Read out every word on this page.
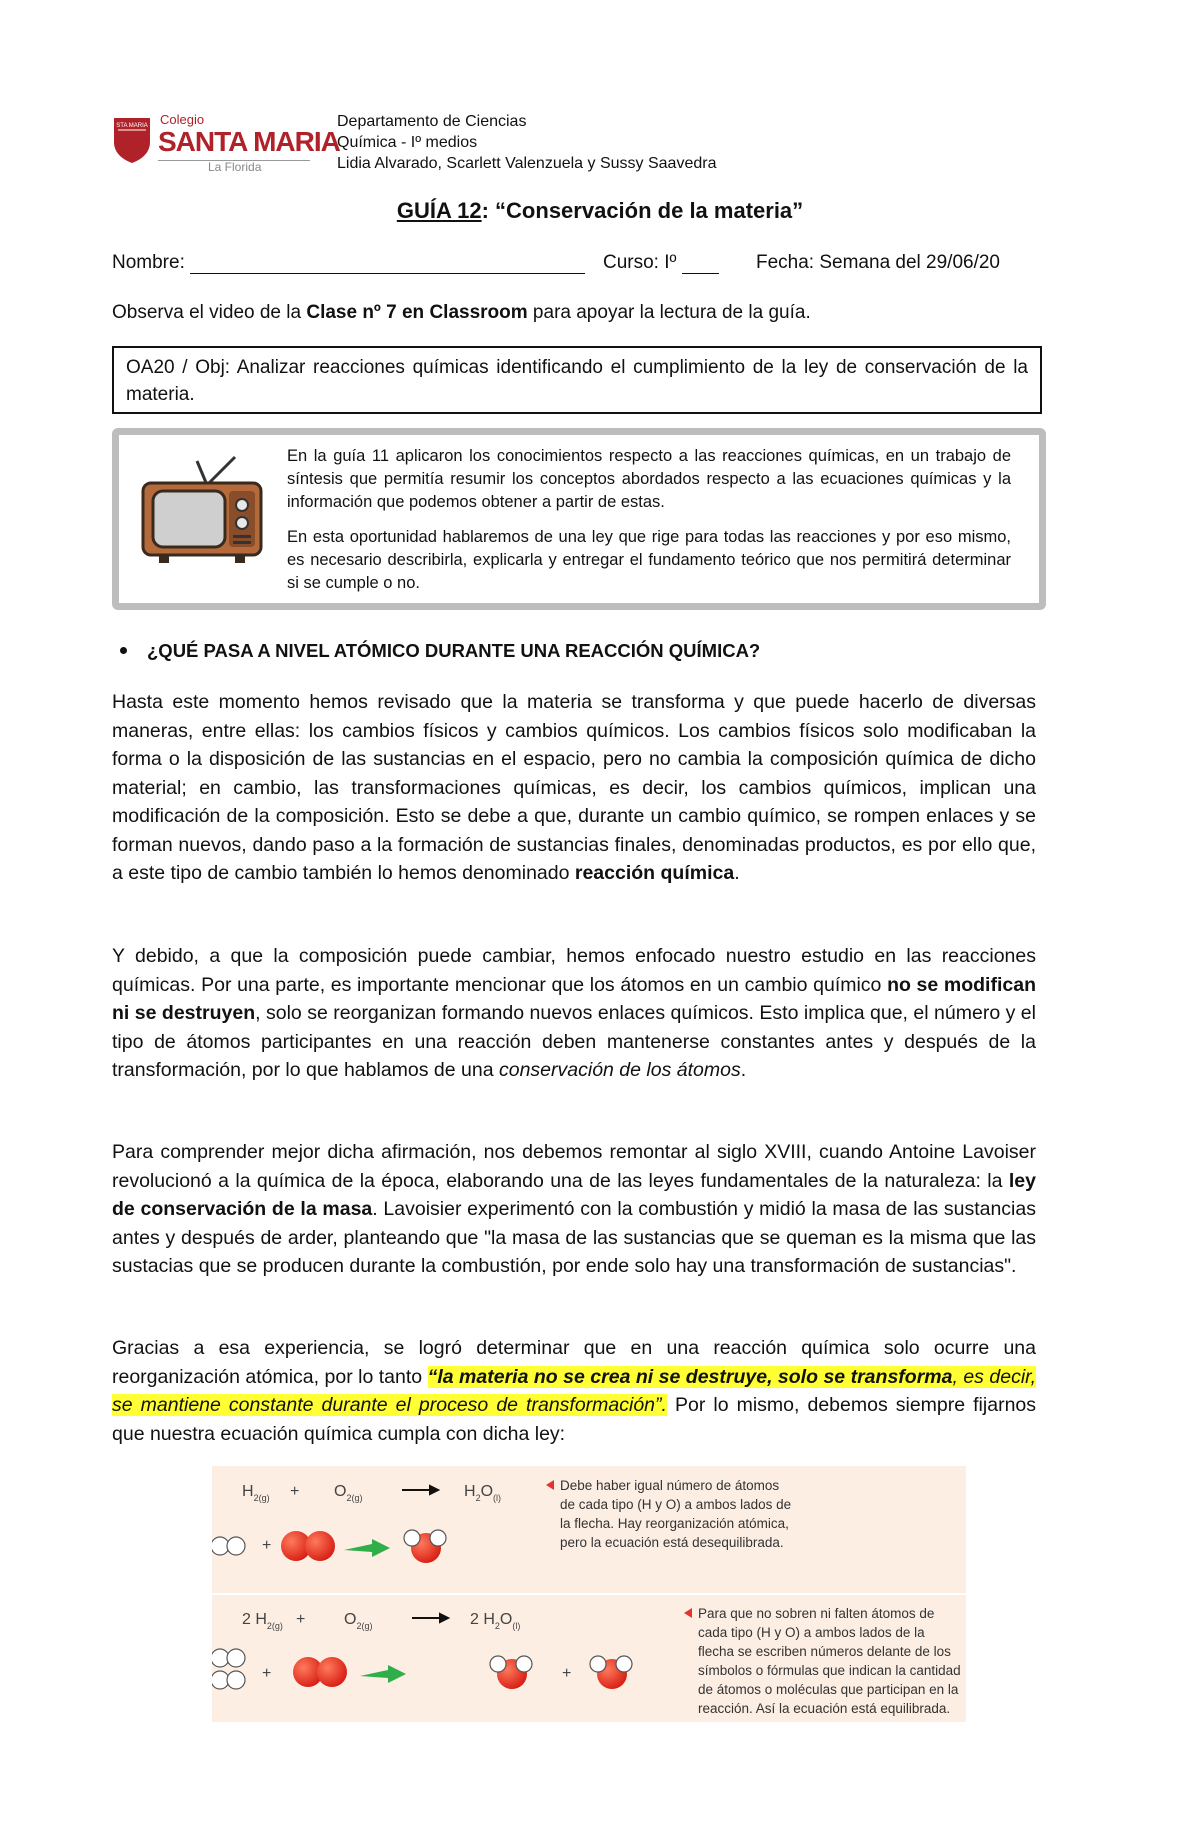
STA MARIA Colegio
SANTA MARIA
La Florida
Departamento de Ciencias
Química - Iº medios
Lidia Alvarado, Scarlett Valenzuela y Sussy Saavedra
GUÍA 12: “Conservación de la materia”
Nombre:	Curso: Iº	Fecha: Semana del 29/06/20
Observa el video de la Clase nº 7 en Classroom para apoyar la lectura de la guía.
OA20 / Obj: Analizar reacciones químicas identificando el cumplimiento de la ley de conservación de la materia.

En la guía 11 aplicaron los conocimientos respecto a las reacciones químicas, en un trabajo de síntesis que permitía resumir los conceptos abordados respecto a las ecuaciones químicas y la información que podemos obtener a partir de estas.

En esta oportunidad hablaremos de una ley que rige para todas las reacciones y por eso mismo, es necesario describirla, explicarla y entregar el fundamento teórico que nos permitirá determinar si se cumple o no.

¿QUÉ PASA A NIVEL ATÓMICO DURANTE UNA REACCIÓN QUÍMICA?
Hasta este momento hemos revisado que la materia se transforma y que puede hacerlo de diversas maneras, entre ellas: los cambios físicos y cambios químicos. Los cambios físicos solo modificaban la forma o la disposición de las sustancias en el espacio, pero no cambia la composición química de dicho material; en cambio, las transformaciones químicas, es decir, los cambios químicos, implican una modificación de la composición. Esto se debe a que, durante un cambio químico, se rompen enlaces y se forman nuevos, dando paso a la formación de sustancias finales, denominadas productos, es por ello que, a este tipo de cambio también lo hemos denominado reacción química.
Y debido, a que la composición puede cambiar, hemos enfocado nuestro estudio en las reacciones químicas. Por una parte, es importante mencionar que los átomos en un cambio químico no se modifican ni se destruyen, solo se reorganizan formando nuevos enlaces químicos. Esto implica que, el número y el tipo de átomos participantes en una reacción deben mantenerse constantes antes y después de la transformación, por lo que hablamos de una conservación de los átomos.
Para comprender mejor dicha afirmación, nos debemos remontar al siglo XVIII, cuando Antoine Lavoiser revolucionó a la química de la época, elaborando una de las leyes fundamentales de la naturaleza: la ley de conservación de la masa. Lavoisier experimentó con la combustión y midió la masa de las sustancias antes y después de arder, planteando que "la masa de las sustancias que se queman es la misma que las sustacias que se producen durante la combustión, por ende solo hay una transformación de sustancias".
Gracias a esa experiencia, se logró determinar que en una reacción química solo ocurre una reorganización atómica, por lo tanto “la materia no se crea ni se destruye, solo se transforma, es decir, se mantiene constante durante el proceso de transformación”. Por lo mismo, debemos siempre fijarnos que nuestra ecuación química cumpla con dicha ley:
$H_{2(g)} + O_{2(g)}$	$H_2O_{(l)}$
2 $H_{2(g)} + O_{2(g)}$	2 $H_2O_{(l)}$
+	+
+
Debe haber igual número de átomos
de cada tipo (H y O) a ambos lados de
la flecha. Hay reorganización atómica,
pero la ecuación está desequilibrada.
Para que no sobren ni falten átomos de
cada tipo (H y O) a ambos lados de la
flecha se escriben números delante de los
símbolos o fórmulas que indican la cantidad
de átomos o moléculas que participan en la
reacción. Así la ecuación está equilibrada.
